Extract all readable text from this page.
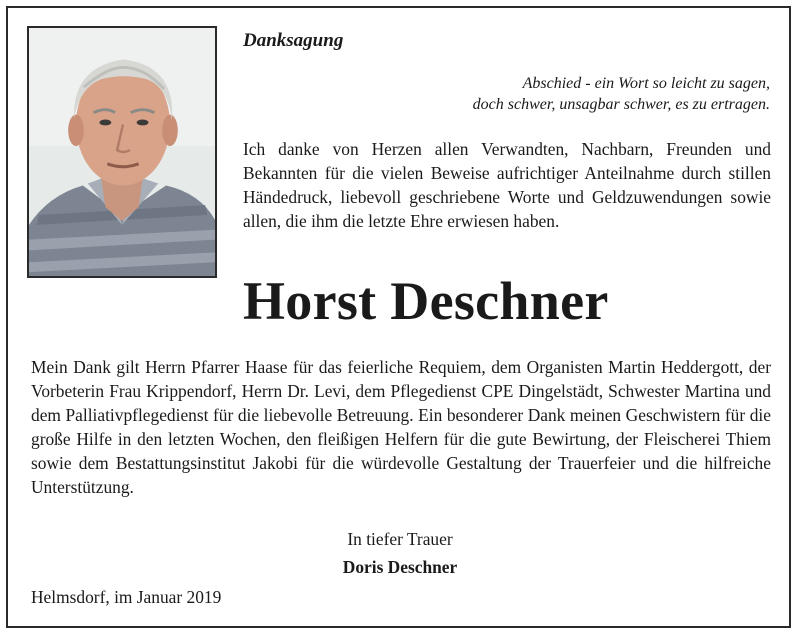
Danksagung
Abschied - ein Wort so leicht zu sagen,
doch schwer, unsagbar schwer, es zu ertragen.
Ich danke von Herzen allen Verwandten, Nachbarn, Freunden und Bekannten für die vielen Beweise aufrichtiger Anteilnahme durch stillen Händedruck, liebevoll geschriebene Worte und Geldzuwendungen sowie allen, die ihm die letzte Ehre erwiesen haben.
Horst Deschner
Mein Dank gilt Herrn Pfarrer Haase für das feierliche Requiem, dem Organisten Martin Heddergott, der Vorbeterin Frau Krippendorf, Herrn Dr. Levi, dem Pflegedienst CPE Dingelstädt, Schwester Martina und dem Palliativpflegedienst für die liebevolle Betreuung. Ein besonderer Dank meinen Geschwistern für die große Hilfe in den letzten Wochen, den fleißigen Helfern für die gute Bewirtung, der Fleischerei Thiem sowie dem Bestattungsinstitut Jakobi für die würdevolle Gestaltung der Trauerfeier und die hilfreiche Unterstützung.
In tiefer Trauer
Doris Deschner
Helmsdorf, im Januar 2019
